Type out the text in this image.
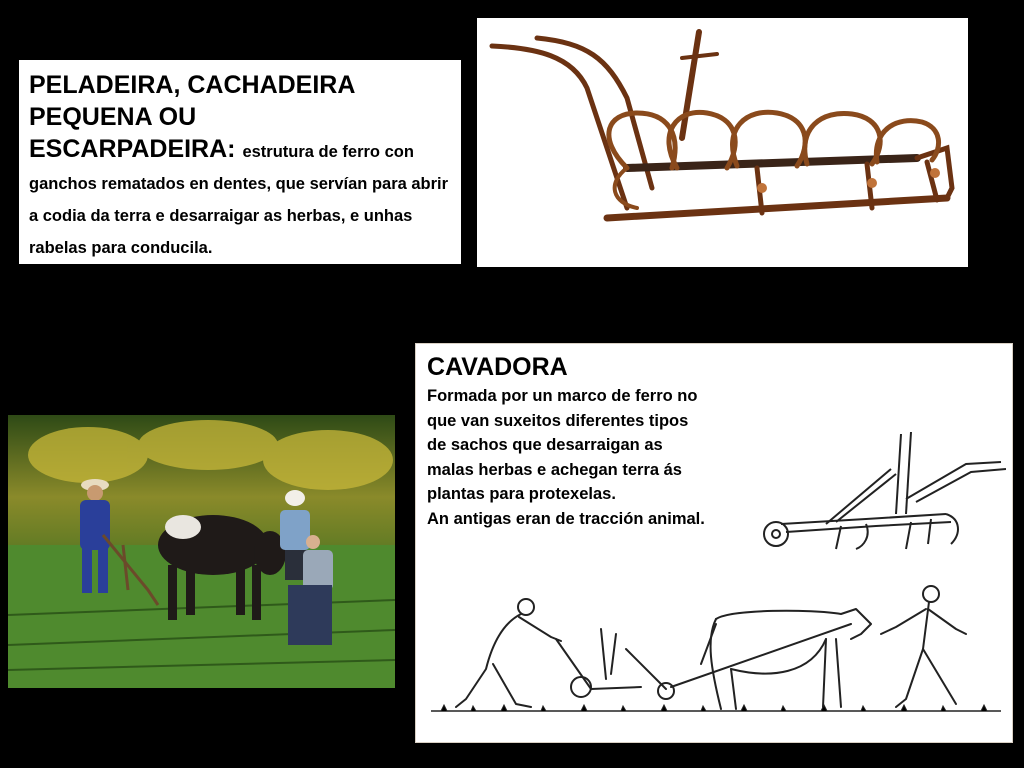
PELADEIRA, CACHADEIRA
PEQUENA OU
ESCARPADEIRA: estrutura de ferro con ganchos rematados en dentes, que servían para abrir a codia da terra e desarraigar as herbas, e unhas rabelas para conducila.
CAVADORA
Formada por un marco de ferro no
que van suxeitos diferentes tipos
de sachos que desarraigan as
malas herbas e achegan terra ás
plantas para protexelas.
An antigas eran de tracción animal.
